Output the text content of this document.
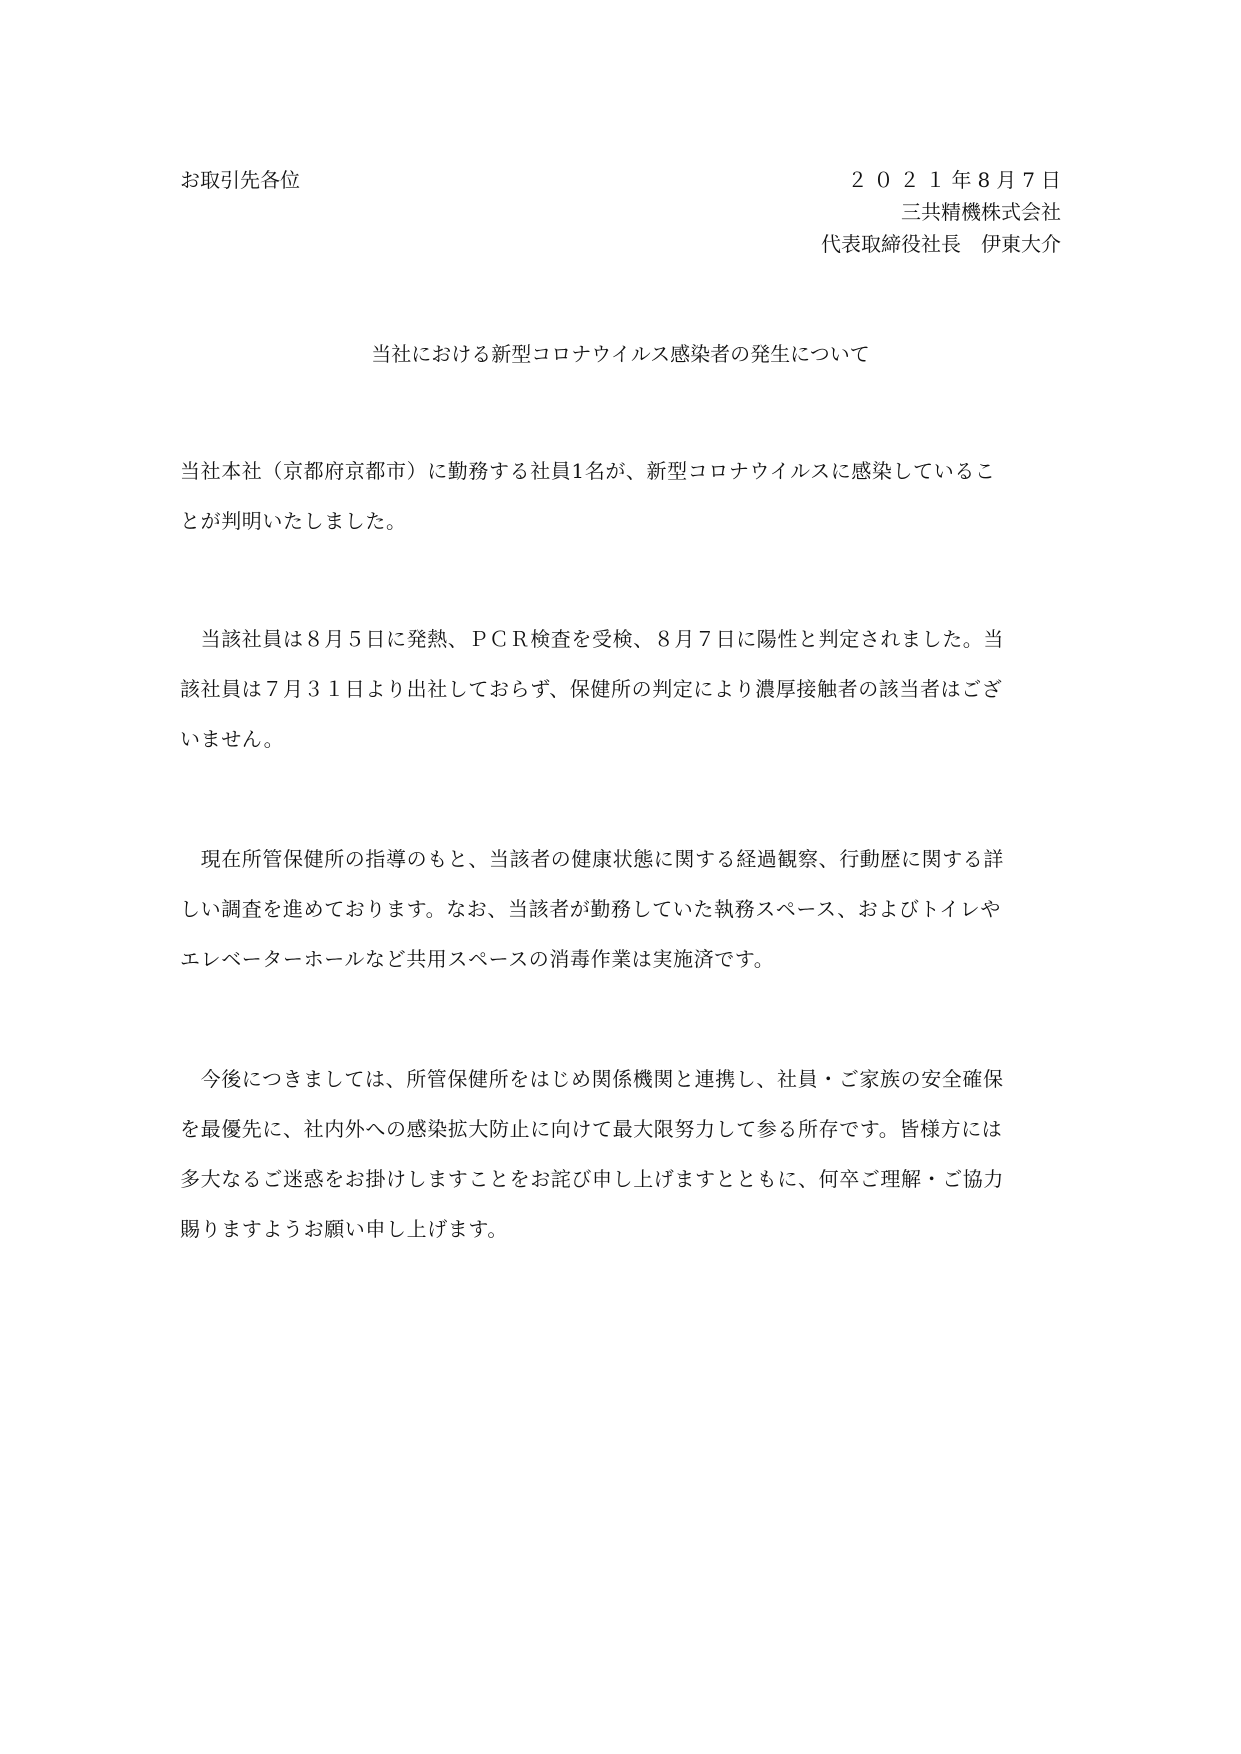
お取引先各位	２０２１年8月7日
三共精機株式会社
代表取締役社長　伊東大介
当社における新型コロナウイルス感染者の発生について
当社本社（京都府京都市）に勤務する社員1名が、新型コロナウイルスに感染しているこ
とが判明いたしました。
　当該社員は８月５日に発熱、ＰＣＲ検査を受検、８月７日に陽性と判定されました。当
該社員は７月３１日より出社しておらず、保健所の判定により濃厚接触者の該当者はござ
いません。
　現在所管保健所の指導のもと、当該者の健康状態に関する経過観察、行動歴に関する詳
しい調査を進めております。なお、当該者が勤務していた執務スペース、およびトイレや
エレベーターホールなど共用スペースの消毒作業は実施済です。
　今後につきましては、所管保健所をはじめ関係機関と連携し、社員・ご家族の安全確保
を最優先に、社内外への感染拡大防止に向けて最大限努力して参る所存です。皆様方には
多大なるご迷惑をお掛けしますことをお詫び申し上げますとともに、何卒ご理解・ご協力
賜りますようお願い申し上げます。
